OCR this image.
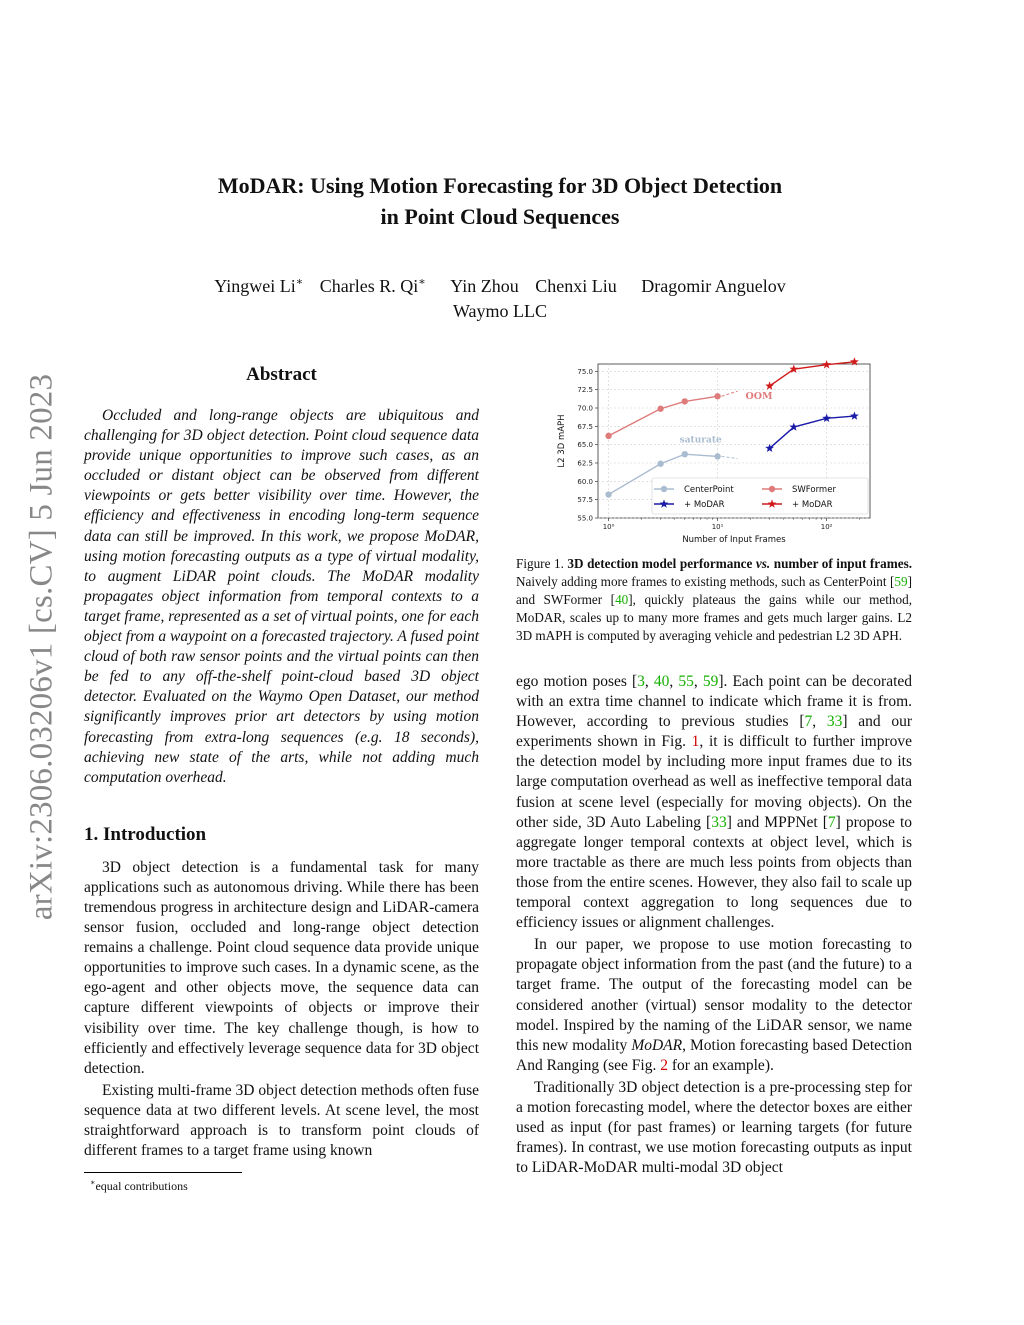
arXiv:2306.03206v1 [cs.CV] 5 Jun 2023
MoDAR: Using Motion Forecasting for 3D Object Detection
in Point Cloud Sequences
Yingwei Li∗ Charles R. Qi∗ Yin Zhou Chenxi Liu Dragomir Anguelov
Waymo LLC
Abstract
Occluded and long-range objects are ubiquitous and challenging for 3D object detection. Point cloud sequence data provide unique opportunities to improve such cases, as an occluded or distant object can be observed from different viewpoints or gets better visibility over time. However, the efficiency and effectiveness in encoding long-term sequence data can still be improved. In this work, we propose MoDAR, using motion forecasting outputs as a type of virtual modality, to augment LiDAR point clouds. The MoDAR modality propagates object information from temporal contexts to a target frame, represented as a set of virtual points, one for each object from a waypoint on a forecasted trajectory. A fused point cloud of both raw sensor points and the virtual points can then be fed to any off-the-shelf point-cloud based 3D object detector. Evaluated on the Waymo Open Dataset, our method significantly improves prior art detectors by using motion forecasting from extra-long sequences (e.g. 18 seconds), achieving new state of the arts, while not adding much computation overhead.
1. Introduction

3D object detection is a fundamental task for many applications such as autonomous driving. While there has been tremendous progress in architecture design and LiDAR-camera sensor fusion, occluded and long-range object detection remains a challenge. Point cloud sequence data provide unique opportunities to improve such cases. In a dynamic scene, as the ego-agent and other objects move, the sequence data can capture different viewpoints of objects or improve their visibility over time. The key challenge though, is how to efficiently and effectively leverage sequence data for 3D object detection.

Existing multi-frame 3D object detection methods often fuse sequence data at two different levels. At scene level, the most straightforward approach is to transform point clouds of different frames to a target frame using known

∗equal contributions
55.0
57.5
60.0
62.5
65.0
67.5
70.0
72.5
75.0
10⁰	10¹	10²
Number of Input Frames
L2 3D mAPH
OOM
saturate
CenterPoint	SWFormer
+ MoDAR	+ MoDAR
Figure 1. 3D detection model performance vs. number of input frames. Naively adding more frames to existing methods, such as CenterPoint [59] and SWFormer [40], quickly plateaus the gains while our method, MoDAR, scales up to many more frames and gets much larger gains. L2 3D mAPH is computed by averaging vehicle and pedestrian L2 3D APH.

ego motion poses [3, 40, 55, 59]. Each point can be decorated with an extra time channel to indicate which frame it is from. However, according to previous studies [7, 33] and our experiments shown in Fig. 1, it is difficult to further improve the detection model by including more input frames due to its large computation overhead as well as ineffective temporal data fusion at scene level (especially for moving objects). On the other side, 3D Auto Labeling [33] and MPPNet [7] propose to aggregate longer temporal contexts at object level, which is more tractable as there are much less points from objects than those from the entire scenes. However, they also fail to scale up temporal context aggregation to long sequences due to efficiency issues or alignment challenges.

In our paper, we propose to use motion forecasting to propagate object information from the past (and the future) to a target frame. The output of the forecasting model can be considered another (virtual) sensor modality to the detector model. Inspired by the naming of the LiDAR sensor, we name this new modality MoDAR, Motion forecasting based Detection And Ranging (see Fig. 2 for an example).

Traditionally 3D object detection is a pre-processing step for a motion forecasting model, where the detector boxes are either used as input (for past frames) or learning targets (for future frames). In contrast, we use motion forecasting outputs as input to LiDAR-MoDAR multi-modal 3D object
